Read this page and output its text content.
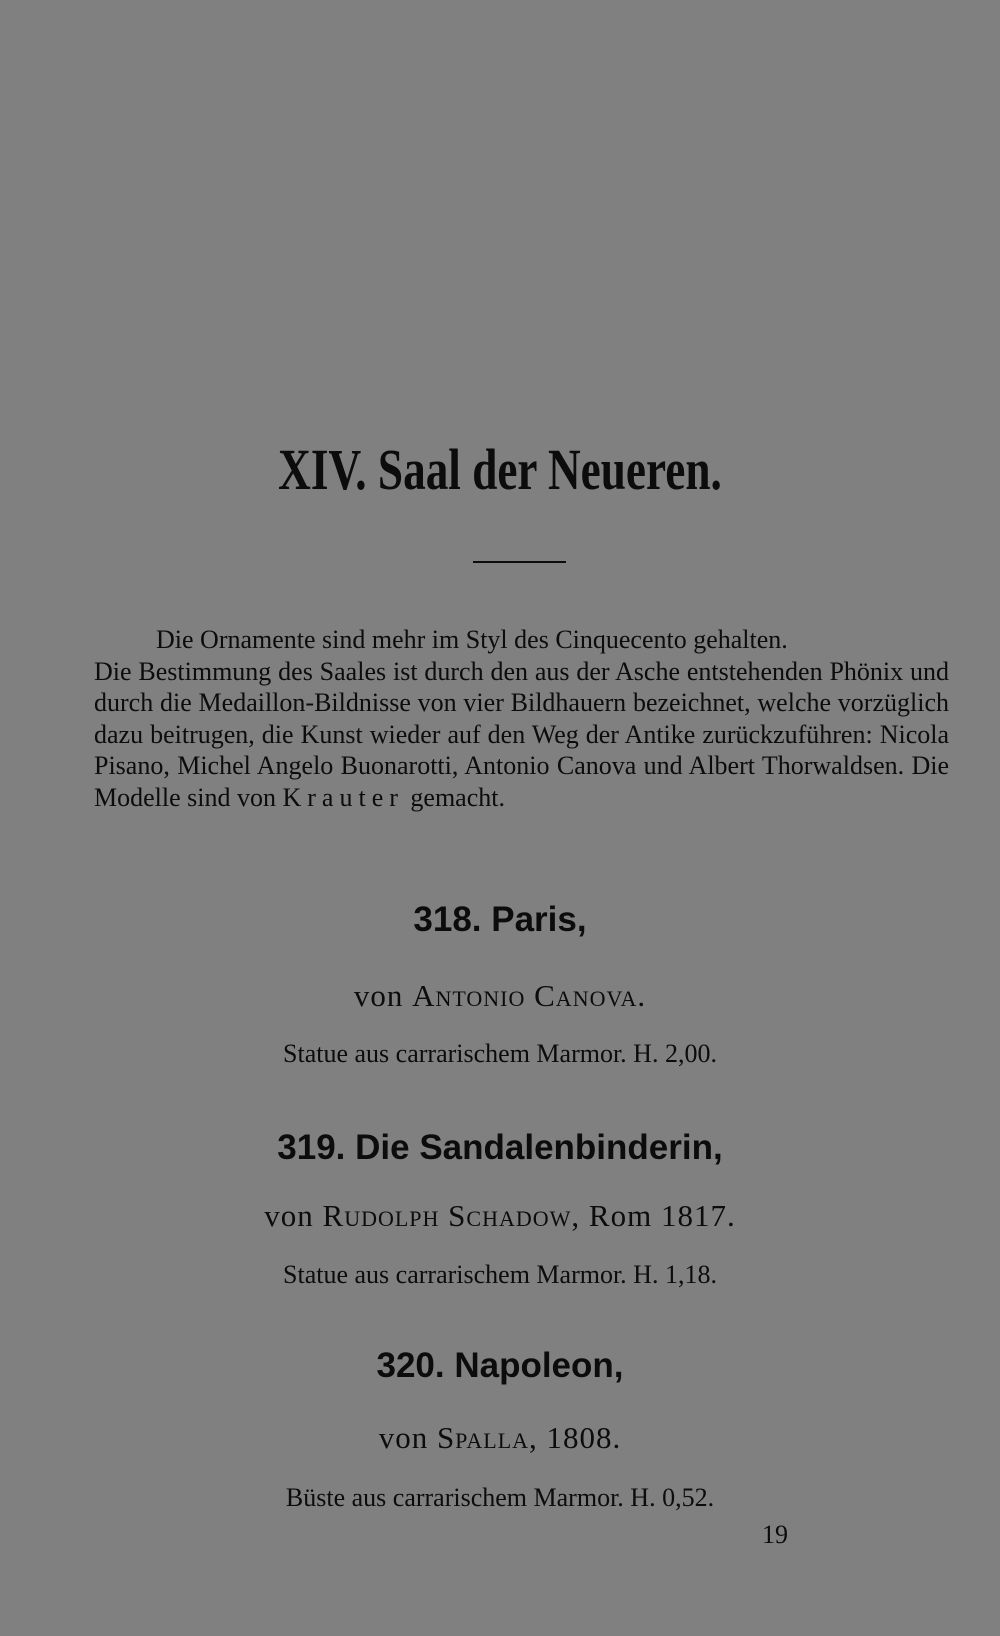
XIV. Saal der Neueren.

Die Ornamente sind mehr im Styl des Cinquecento gehalten.

Die Bestimmung des Saales ist durch den aus der Asche entstehenden Phönix und durch die Medaillon-Bildnisse von vier Bildhauern bezeichnet, welche vorzüglich dazu beitrugen, die Kunst wieder auf den Weg der Antike zurückzuführen: Nicola Pisano, Michel Angelo Buonarotti, Antonio Canova und Albert Thorwaldsen. Die Modelle sind von Krauter gemacht.

318. Paris,
von Antonio Canova.
Statue aus carrarischem Marmor. H. 2,00.
319. Die Sandalenbinderin,
von Rudolph Schadow, Rom 1817.
Statue aus carrarischem Marmor. H. 1,18.
320. Napoleon,
von Spalla, 1808.
Büste aus carrarischem Marmor. H. 0,52.
19
